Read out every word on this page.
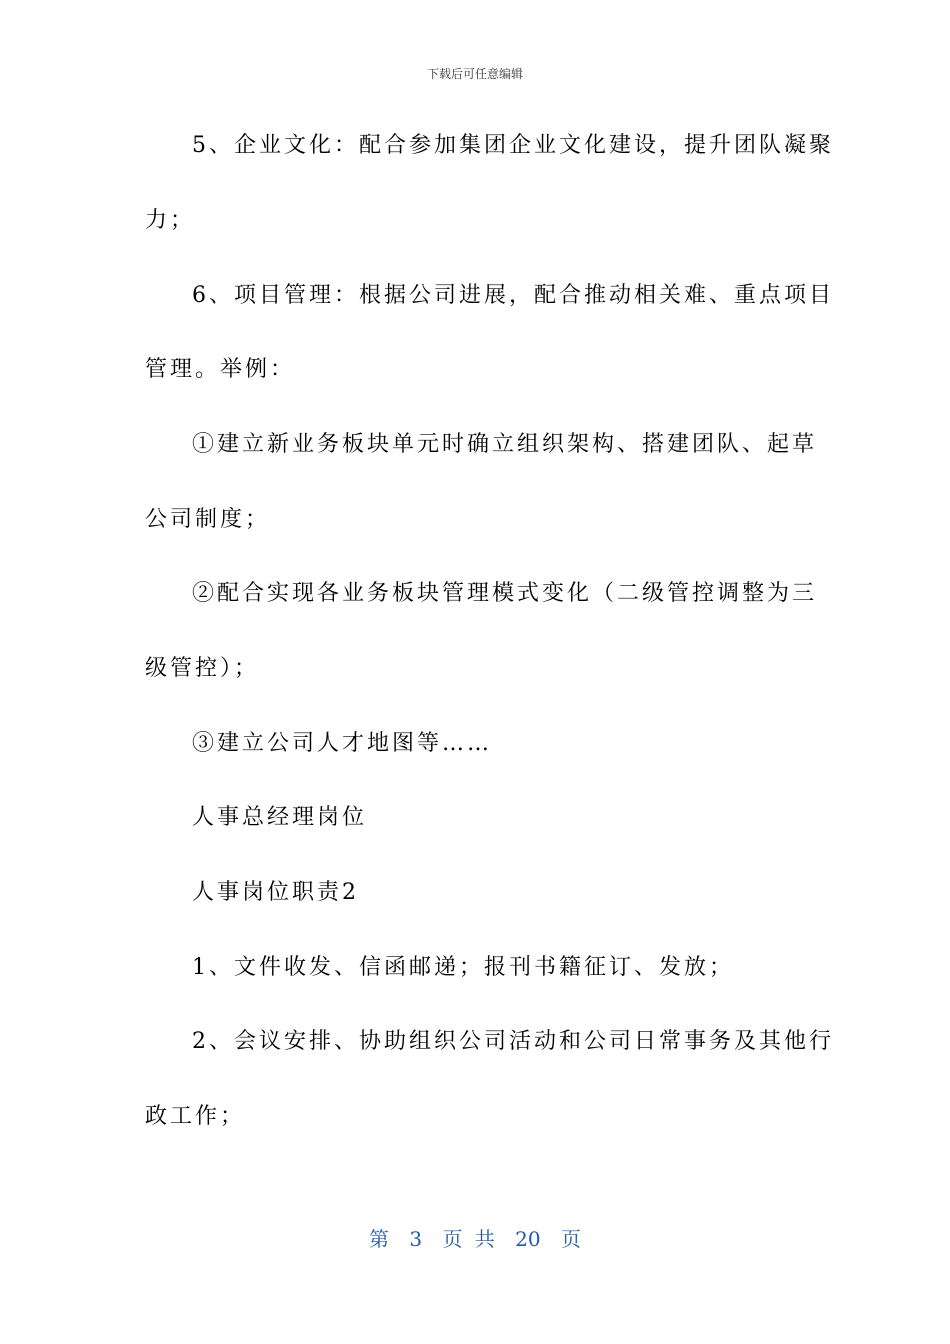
下载后可任意编辑
5、企业文化：配合参加集团企业文化建设，提升团队凝聚
力；
6、项目管理：根据公司进展，配合推动相关难、重点项目
管理。举例：
①建立新业务板块单元时确立组织架构、搭建团队、起草
公司制度；
②配合实现各业务板块管理模式变化（二级管控调整为三
级管控）；
③建立公司人才地图等……
人事总经理岗位
人事岗位职责2
1、文件收发、信函邮递；报刊书籍征订、发放；
2、会议安排、协助组织公司活动和公司日常事务及其他行
政工作；
第 3 页 共 20 页
